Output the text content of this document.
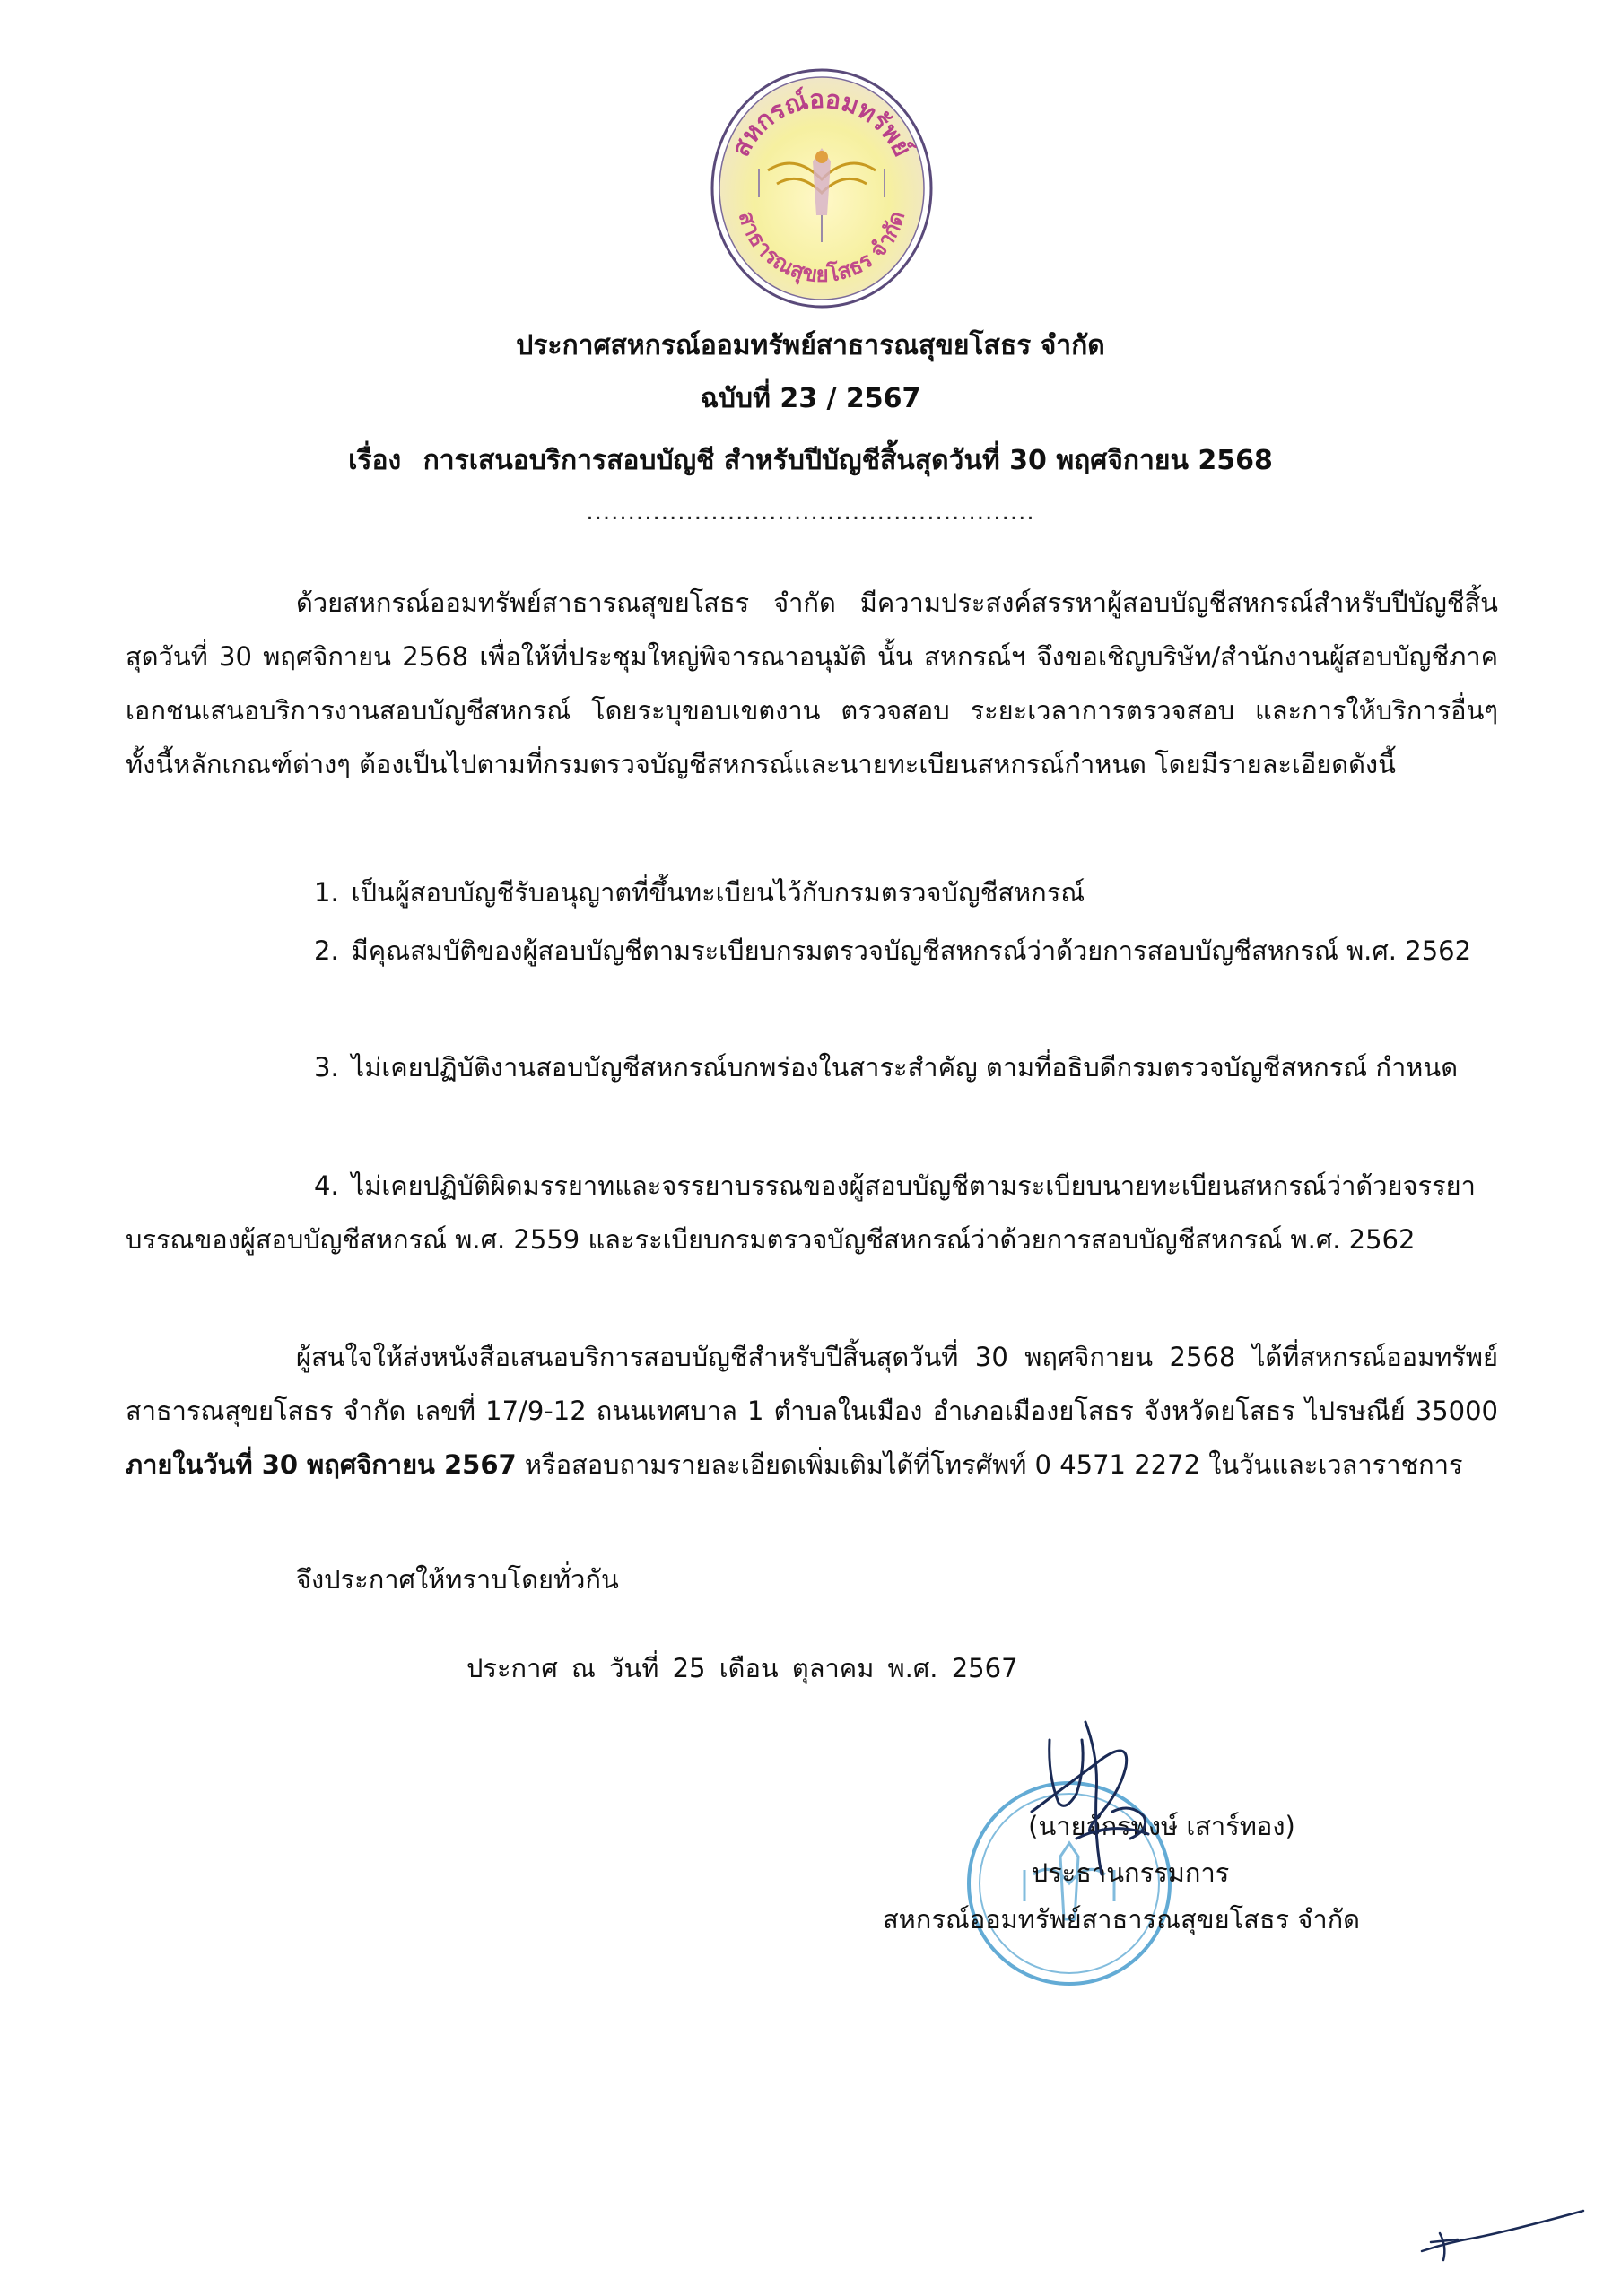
สหกรณ์ออมทรัพย์
สาธารณสุขยโสธร จำกัด

ประกาศสหกรณ์ออมทรัพย์สาธารณสุขยโสธร จำกัด

ฉบับที่ 23 / 2567

เรื่อง การเสนอบริการสอบบัญชี สำหรับปีบัญชีสิ้นสุดวันที่ 30 พฤศจิกายน 2568

......................................................

ด้วยสหกรณ์ออมทรัพย์สาธารณสุขยโสธร จำกัด มีความประสงค์สรรหาผู้สอบบัญชีสหกรณ์สำหรับปีบัญชีสิ้นสุดวันที่ 30 พฤศจิกายน 2568 เพื่อให้ที่ประชุมใหญ่พิจารณาอนุมัติ นั้น สหกรณ์ฯ จึงขอเชิญบริษัท/สำนักงานผู้สอบบัญชีภาคเอกชนเสนอบริการงานสอบบัญชีสหกรณ์ โดยระบุขอบเขตงาน ตรวจสอบ ระยะเวลาการตรวจสอบ และการให้บริการอื่นๆ ทั้งนี้หลักเกณฑ์ต่างๆ ต้องเป็นไปตามที่กรมตรวจบัญชีสหกรณ์และนายทะเบียนสหกรณ์กำหนด โดยมีรายละเอียดดังนี้

1. เป็นผู้สอบบัญชีรับอนุญาตที่ขึ้นทะเบียนไว้กับกรมตรวจบัญชีสหกรณ์

2. มีคุณสมบัติของผู้สอบบัญชีตามระเบียบกรมตรวจบัญชีสหกรณ์ว่าด้วยการสอบบัญชีสหกรณ์ พ.ศ. 2562

3. ไม่เคยปฏิบัติงานสอบบัญชีสหกรณ์บกพร่องในสาระสำคัญ ตามที่อธิบดีกรมตรวจบัญชีสหกรณ์ กำหนด

4. ไม่เคยปฏิบัติผิดมรรยาทและจรรยาบรรณของผู้สอบบัญชีตามระเบียบนายทะเบียนสหกรณ์ว่าด้วยจรรยาบรรณของผู้สอบบัญชีสหกรณ์ พ.ศ. 2559 และระเบียบกรมตรวจบัญชีสหกรณ์ว่าด้วยการสอบบัญชีสหกรณ์ พ.ศ. 2562

ผู้สนใจให้ส่งหนังสือเสนอบริการสอบบัญชีสำหรับปีสิ้นสุดวันที่ 30 พฤศจิกายน 2568 ได้ที่สหกรณ์ออมทรัพย์สาธารณสุขยโสธร จำกัด เลขที่ 17/9-12 ถนนเทศบาล 1 ตำบลในเมือง อำเภอเมืองยโสธร จังหวัดยโสธร ไปรษณีย์ 35000 ภายในวันที่ 30 พฤศจิกายน 2567 หรือสอบถามรายละเอียดเพิ่มเติมได้ที่โทรศัพท์ 0 4571 2272 ในวันและเวลาราชการ

จึงประกาศให้ทราบโดยทั่วกัน

ประกาศ ณ วันที่ 25 เดือน ตุลาคม พ.ศ. 2567

(นายจักรพงษ์ เสาร์ทอง)

ประธานกรรมการ

สหกรณ์ออมทรัพย์สาธารณสุขยโสธร จำกัด
